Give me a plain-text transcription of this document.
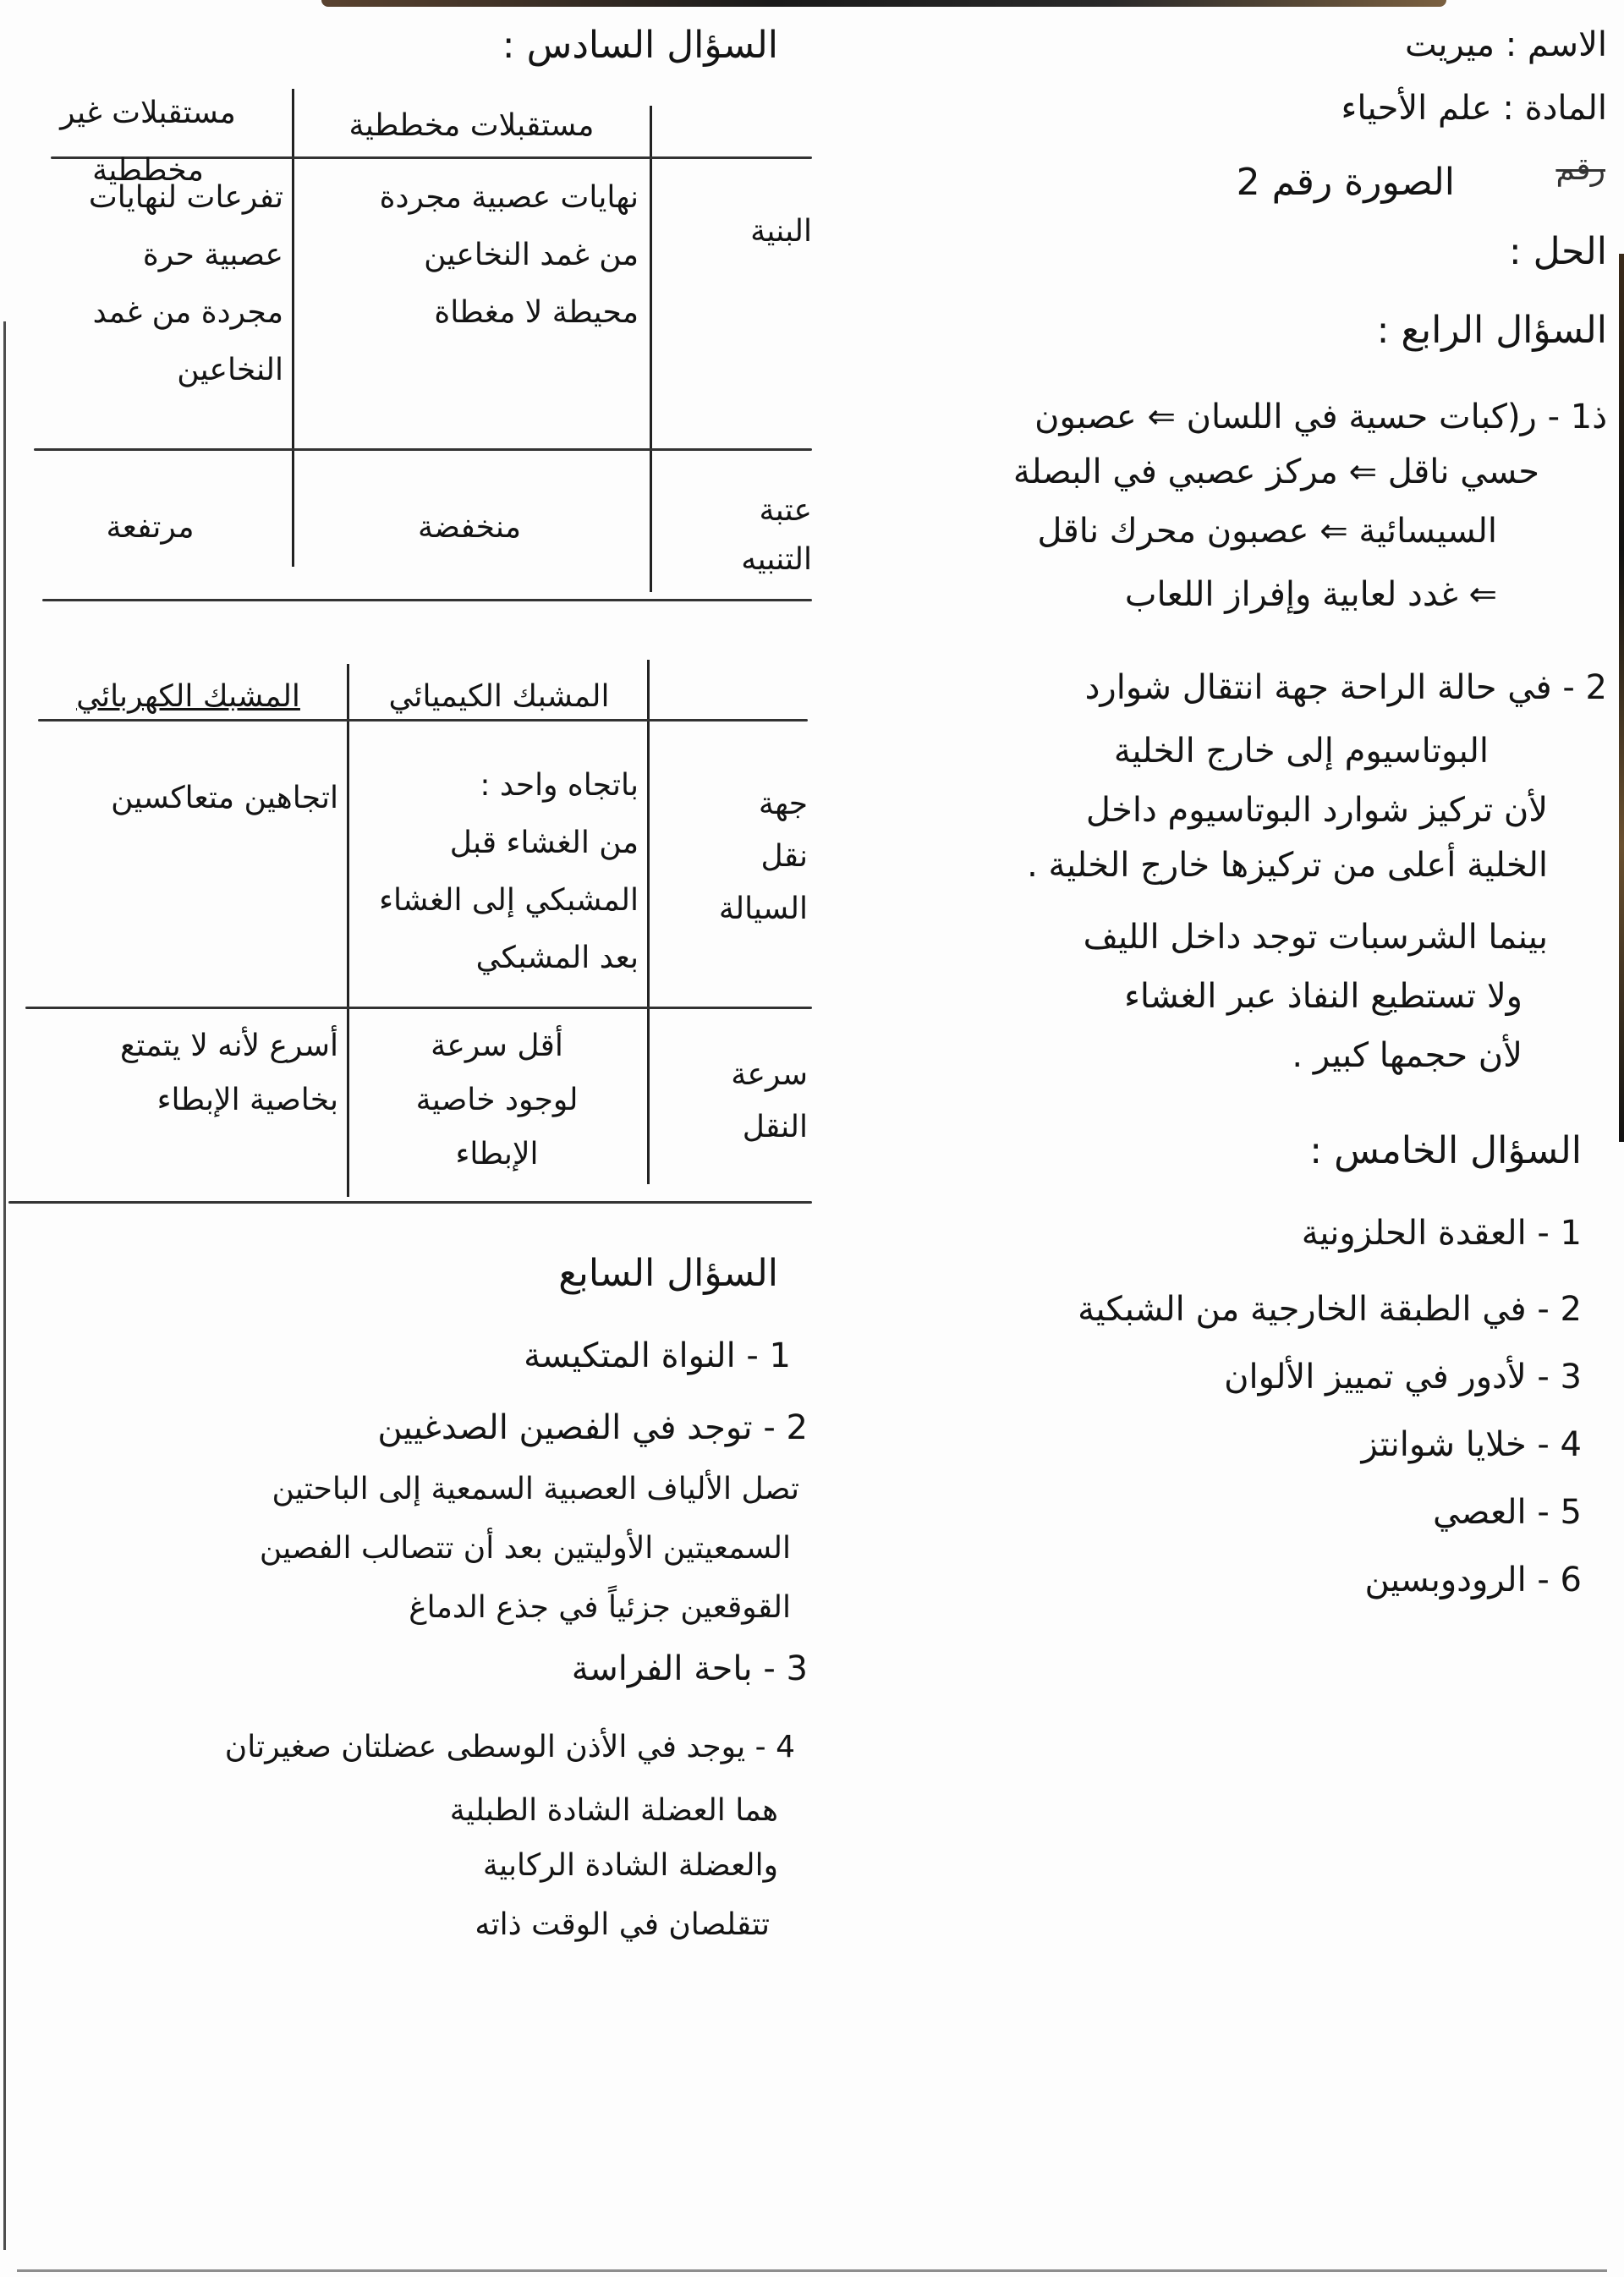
الاسم : ميريت
المادة : علم الأحياء
رقم
الصورة رقم 2
الحل :
السؤال الرابع :
ذ1 - ر(كبات حسية في اللسان ⇐ عصبون
حسي ناقل ⇐ مركز عصبي في البصلة
السيسائية ⇐ عصبون محرك ناقل
⇐ غدد لعابية وإفراز اللعاب
2 - في حالة الراحة جهة انتقال شوارد
البوتاسيوم إلى خارج الخلية
لأن تركيز شوارد البوتاسيوم داخل
الخلية أعلى من تركيزها خارج الخلية .
بينما الشرسبات توجد داخل الليف
ولا تستطيع النفاذ عبر الغشاء
لأن حجمها كبير .
السؤال الخامس :
1 - العقدة الحلزونية
2 - في الطبقة الخارجية من الشبكية
3 - لأدور في تمييز الألوان
4 - خلايا شوانتز
5 - العصي
6 - الرودوبسين
السؤال السادس :
مستقبلات مخططية
مستقبلات غير مخططية
البنية
نهايات عصبية مجردة
من غمد النخاعين
محيطة لا مغطاة
تفرعات لنهايات
عصبية حرة
مجردة من غمد
النخاعين
عتبة
التنبيه
منخفضة
مرتفعة
المشبك الكيميائي
المشبك الكهربائي
جهة
نقل
السيالة
باتجاه واحد :
من الغشاء قبل
المشبكي إلى الغشاء
بعد المشبكي
اتجاهين متعاكسين
سرعة
النقل
أقل سرعة
لوجود خاصية
الإبطاء
أسرع لأنه لا يتمتع
بخاصية الإبطاء
السؤال السابع
1 - النواة المتكيسة
2 - توجد في الفصين الصدغيين
تصل الألياف العصبية السمعية إلى الباحتين
السمعيتين الأوليتين بعد أن تتصالب الفصين
القوقعين جزئياً في جذع الدماغ
3 - باحة الفراسة
4 - يوجد في الأذن الوسطى عضلتان صغيرتان
هما العضلة الشادة الطبلية
والعضلة الشادة الركابية
تتقلصان في الوقت ذاته
